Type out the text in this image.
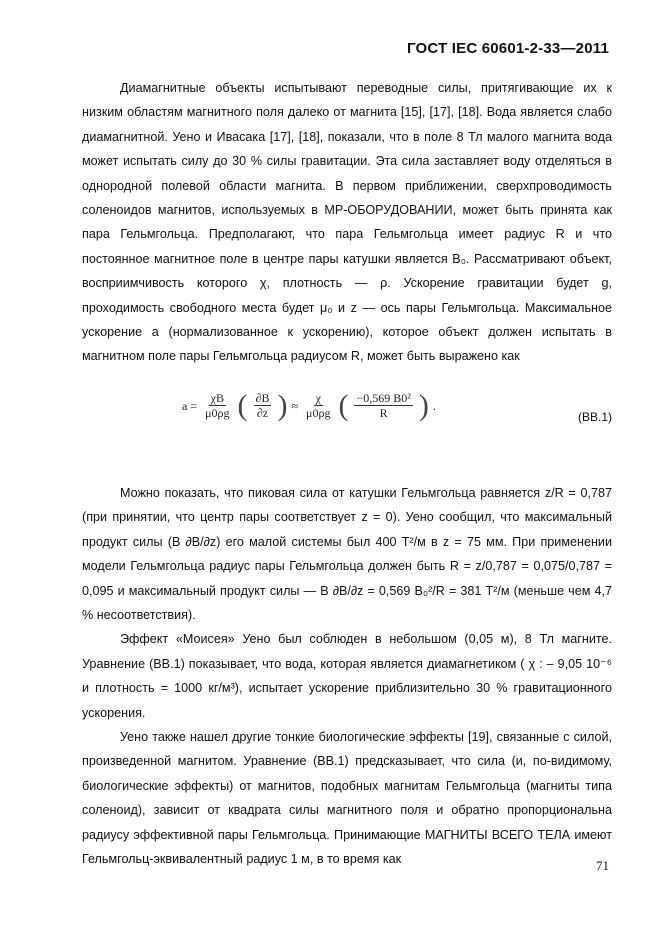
ГОСТ IEC 60601-2-33—2011

Диамагнитные объекты испытывают переводные силы, притягивающие их к низким областям магнитного поля далеко от магнита [15], [17], [18]. Вода является слабо диамагнитной. Уено и Ивасака [17], [18], показали, что в поле 8 Тл малого магнита вода может испытать силу до 30 % силы гравитации. Эта сила заставляет воду отделяться в однородной полевой области магнита. В первом приближении, сверхпроводимость соленоидов магнитов, используемых в МР-ОБОРУДОВАНИИ, может быть принята как пара Гельмгольца. Предполагают, что пара Гельмгольца имеет радиус R и что постоянное магнитное поле в центре пары катушки является B₀. Рассматривают объект, восприимчивость которого χ, плотность — ρ. Ускорение гравитации будет g, проходимость свободного места будет μ₀ и z — ось пары Гельмгольца. Максимальное ускорение a (нормализованное к ускорению), которое объект должен испытать в магнитном поле пары Гельмгольца радиусом R, может быть выражено как

$a = \frac{\chi B}{\mu 0\rho g}$ ( $\frac{\partial B}{\partial z}$ ) ≈ $\frac{\chi}{\mu 0\rho g}$ ( $\frac{\text{−0,569 B0²}}{R}$ ) .
(ВВ.1)

Можно показать, что пиковая сила от катушки Гельмгольца равняется z/R = 0,787 (при принятии, что центр пары соответствует z = 0). Уено сообщил, что максимальный продукт силы (B ∂B/∂z) его малой системы был 400 Т²/м в z = 75 мм. При применении модели Гельмгольца радиус пары Гельмгольца должен быть R = z/0,787 = 0,075/0,787 = 0,095 и максимальный продукт силы — B ∂B/∂z = 0,569 B₀²/R = 381 Т²/м (меньше чем 4,7 % несоответствия).

Эффект «Моисея» Уено был соблюден в небольшом (0,05 м), 8 Тл магните. Уравнение (ВВ.1) показывает, что вода, которая является диамагнетиком ( χ : – 9,05 10⁻⁶ и плотность = 1000 кг/м³), испытает ускорение приблизительно 30 % гравитационного ускорения.

Уено также нашел другие тонкие биологические эффекты [19], связанные с силой, произведенной магнитом. Уравнение (ВВ.1) предсказывает, что сила (и, по-видимому, биологические эффекты) от магнитов, подобных магнитам Гельмгольца (магниты типа соленоид), зависит от квадрата силы магнитного поля и обратно пропорциональна радиусу эффективной пары Гельмгольца. Принимающие МАГНИТЫ ВСЕГО ТЕЛА имеют Гельмгольц-эквивалентный радиус 1 м, в то время как	71
